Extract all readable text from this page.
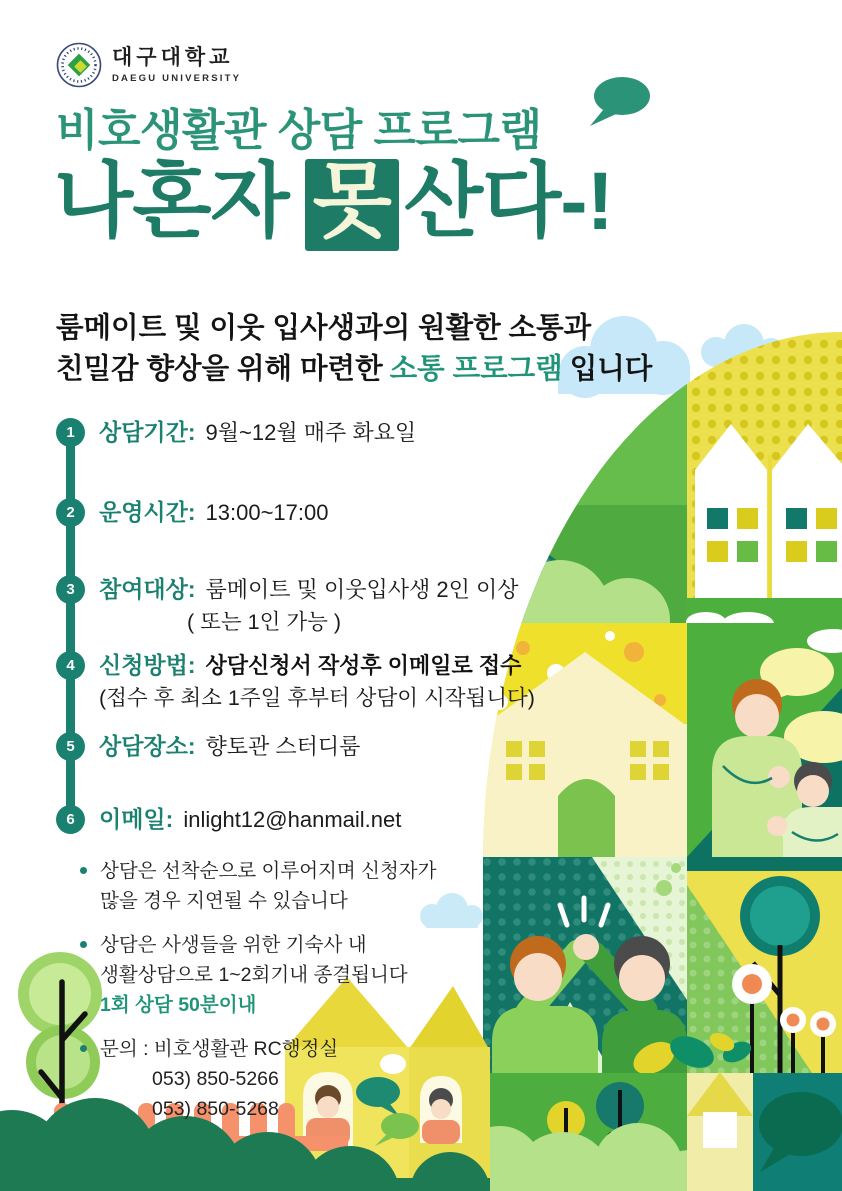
대구대학교
DAEGU UNIVERSITY
비호생활관 상담 프로그램
나혼자 못 산다-!
룸메이트 및 이웃 입사생과의 원활한 소통과
친밀감 향상을 위해 마련한 소통 프로그램 입니다
1	상담기간: 9월~12월 매주 화요일
2	운영시간: 13:00~17:00
3	참여대상: 룸메이트 및 이웃입사생 2인 이상
( 또는 1인 가능 )
4	신청방법: 상담신청서 작성후 이메일로 접수
(접수 후 최소 1주일 후부터 상담이 시작됩니다)
5	상담장소: 향토관 스터디룸
6	이메일: inlight12@hanmail.net
상담은 선착순으로 이루어지며 신청자가
많을 경우 지연될 수 있습니다
상담은 사생들을 위한 기숙사 내
생활상담으로 1~2회기내 종결됩니다
1회 상담 50분이내
문의 : 비호생활관 RC행정실
053) 850-5266
053) 850-5268
